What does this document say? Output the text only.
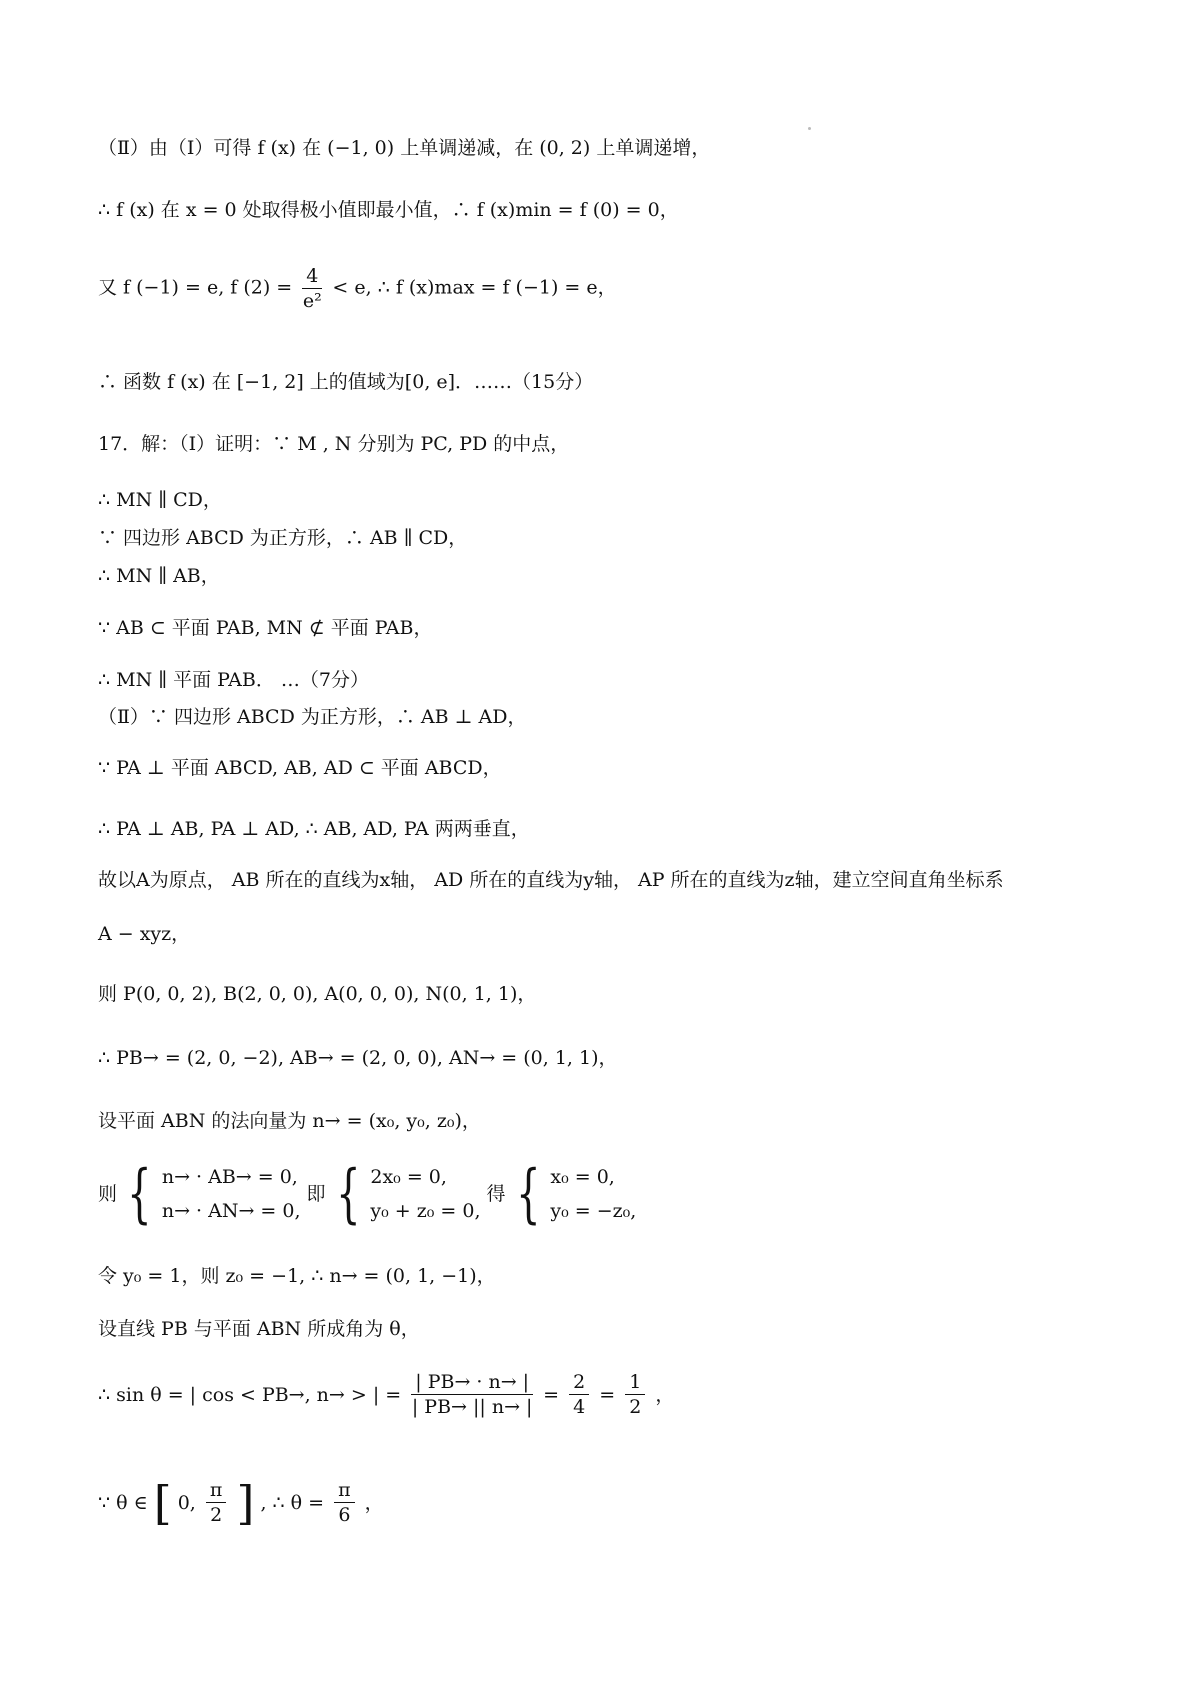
（Ⅱ）由（Ⅰ）可得 f (x) 在 (−1, 0) 上单调递减，在 (0, 2) 上单调递增，
∴ f (x) 在 x = 0 处取得极小值即最小值，∴ f (x)min = f (0) = 0，
又 f (−1) = e, f $(2) = \frac{4}{\text{e²}} < e$, ∴ f (x)max = f (−1) = e，
∴ 函数 f (x) 在 [−1, 2] 上的值域为[0, e]．……（15分）
17．解：（Ⅰ）证明：∵ M , N 分别为 PC, PD 的中点，
∴ MN ∥ CD，
∵ 四边形 ABCD 为正方形，∴ AB ∥ CD，
∴ MN ∥ AB，
∵ AB ⊂ 平面 PAB, MN ⊄ 平面 PAB，
∴ MN ∥ 平面 PAB． …（7分）
（Ⅱ）∵ 四边形 ABCD 为正方形，∴ AB ⊥ AD，
∵ PA ⊥ 平面 ABCD, AB, AD ⊂ 平面 ABCD，
∴ PA ⊥ AB, PA ⊥ AD, ∴ AB, AD, PA 两两垂直，
故以A为原点， AB 所在的直线为x轴， AD 所在的直线为y轴， AP 所在的直线为z轴，建立空间直角坐标系
A − xyz，
则 P(0, 0, 2), B(2, 0, 0), A(0, 0, 0), N(0, 1, 1)，
∴ PB→ = (2, 0, −2), AB→ = (2, 0, 0), AN→ = (0, 1, 1)，
设平面 ABN 的法向量为 n→ = (x₀, y₀, z₀)，
则 { n→ · AB→ = 0,
n→ · AN→ = 0,
即 { 2x₀ = 0,
y₀ + z₀ = 0,
得 { x₀ = 0,
y₀ = −z₀,
令 y₀ = 1，则 z₀ = −1, ∴ n→ = (0, 1, −1)，
设直线 PB 与平面 ABN 所成角为 θ，
∴ sin θ = | cos < PB→, n→ > | = $\frac{| PB\to \cdot n\to |}{| PB\to || n\to |} = \frac{2}{4} = \frac{1}{2}$ ，
∵ θ ∈ [ 0, $\frac{\pi}{2}$ ] , ∴ $\theta = \frac{\pi}{6}$ ，
